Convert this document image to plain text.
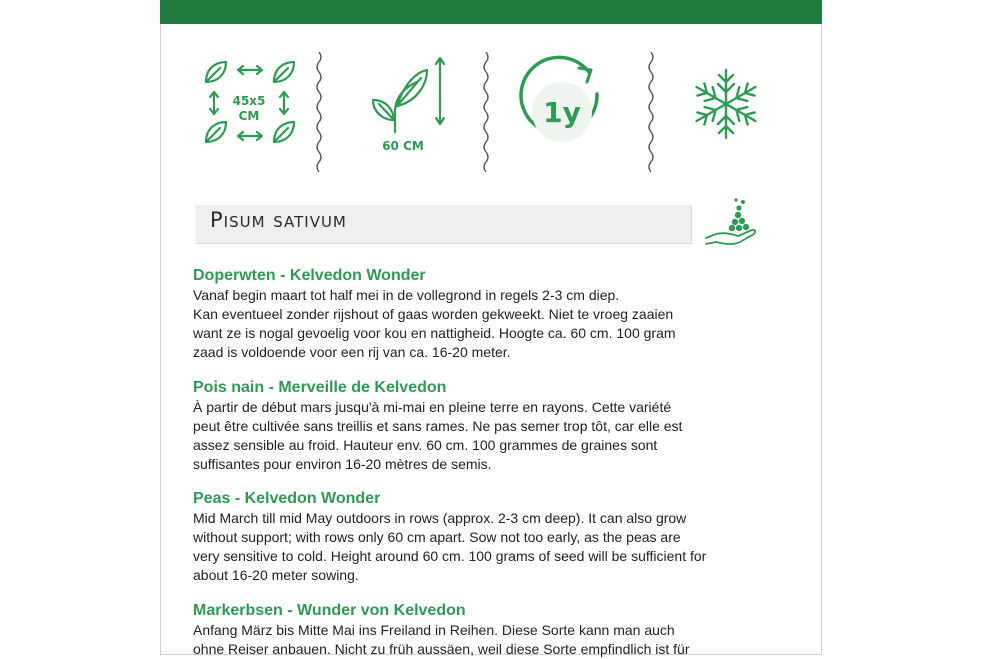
45x5
CM
60 CM
1y
Pisum sativum
Doperwten - Kelvedon Wonder

Vanaf begin maart tot half mei in de vollegrond in regels 2-3 cm diep.
Kan eventueel zonder rijshout of gaas worden gekweekt. Niet te vroeg zaaien
want ze is nogal gevoelig voor kou en nattigheid. Hoogte ca. 60 cm. 100 gram
zaad is voldoende voor een rij van ca. 16-20 meter.

Pois nain - Merveille de Kelvedon

À partir de début mars jusqu'à mi-mai en pleine terre en rayons. Cette variété
peut être cultivée sans treillis et sans rames. Ne pas semer trop tôt, car elle est
assez sensible au froid. Hauteur env. 60 cm. 100 grammes de graines sont
suffisantes pour environ 16-20 mètres de semis.

Peas - Kelvedon Wonder

Mid March till mid May outdoors in rows (approx. 2-3 cm deep). It can also grow
without support; with rows only 60 cm apart. Sow not too early, as the peas are
very sensitive to cold. Height around 60 cm. 100 grams of seed will be sufficient for
about 16-20 meter sowing.

Markerbsen - Wunder von Kelvedon

Anfang März bis Mitte Mai ins Freiland in Reihen. Diese Sorte kann man auch
ohne Reiser anbauen. Nicht zu früh aussäen, weil diese Sorte empfindlich ist für
